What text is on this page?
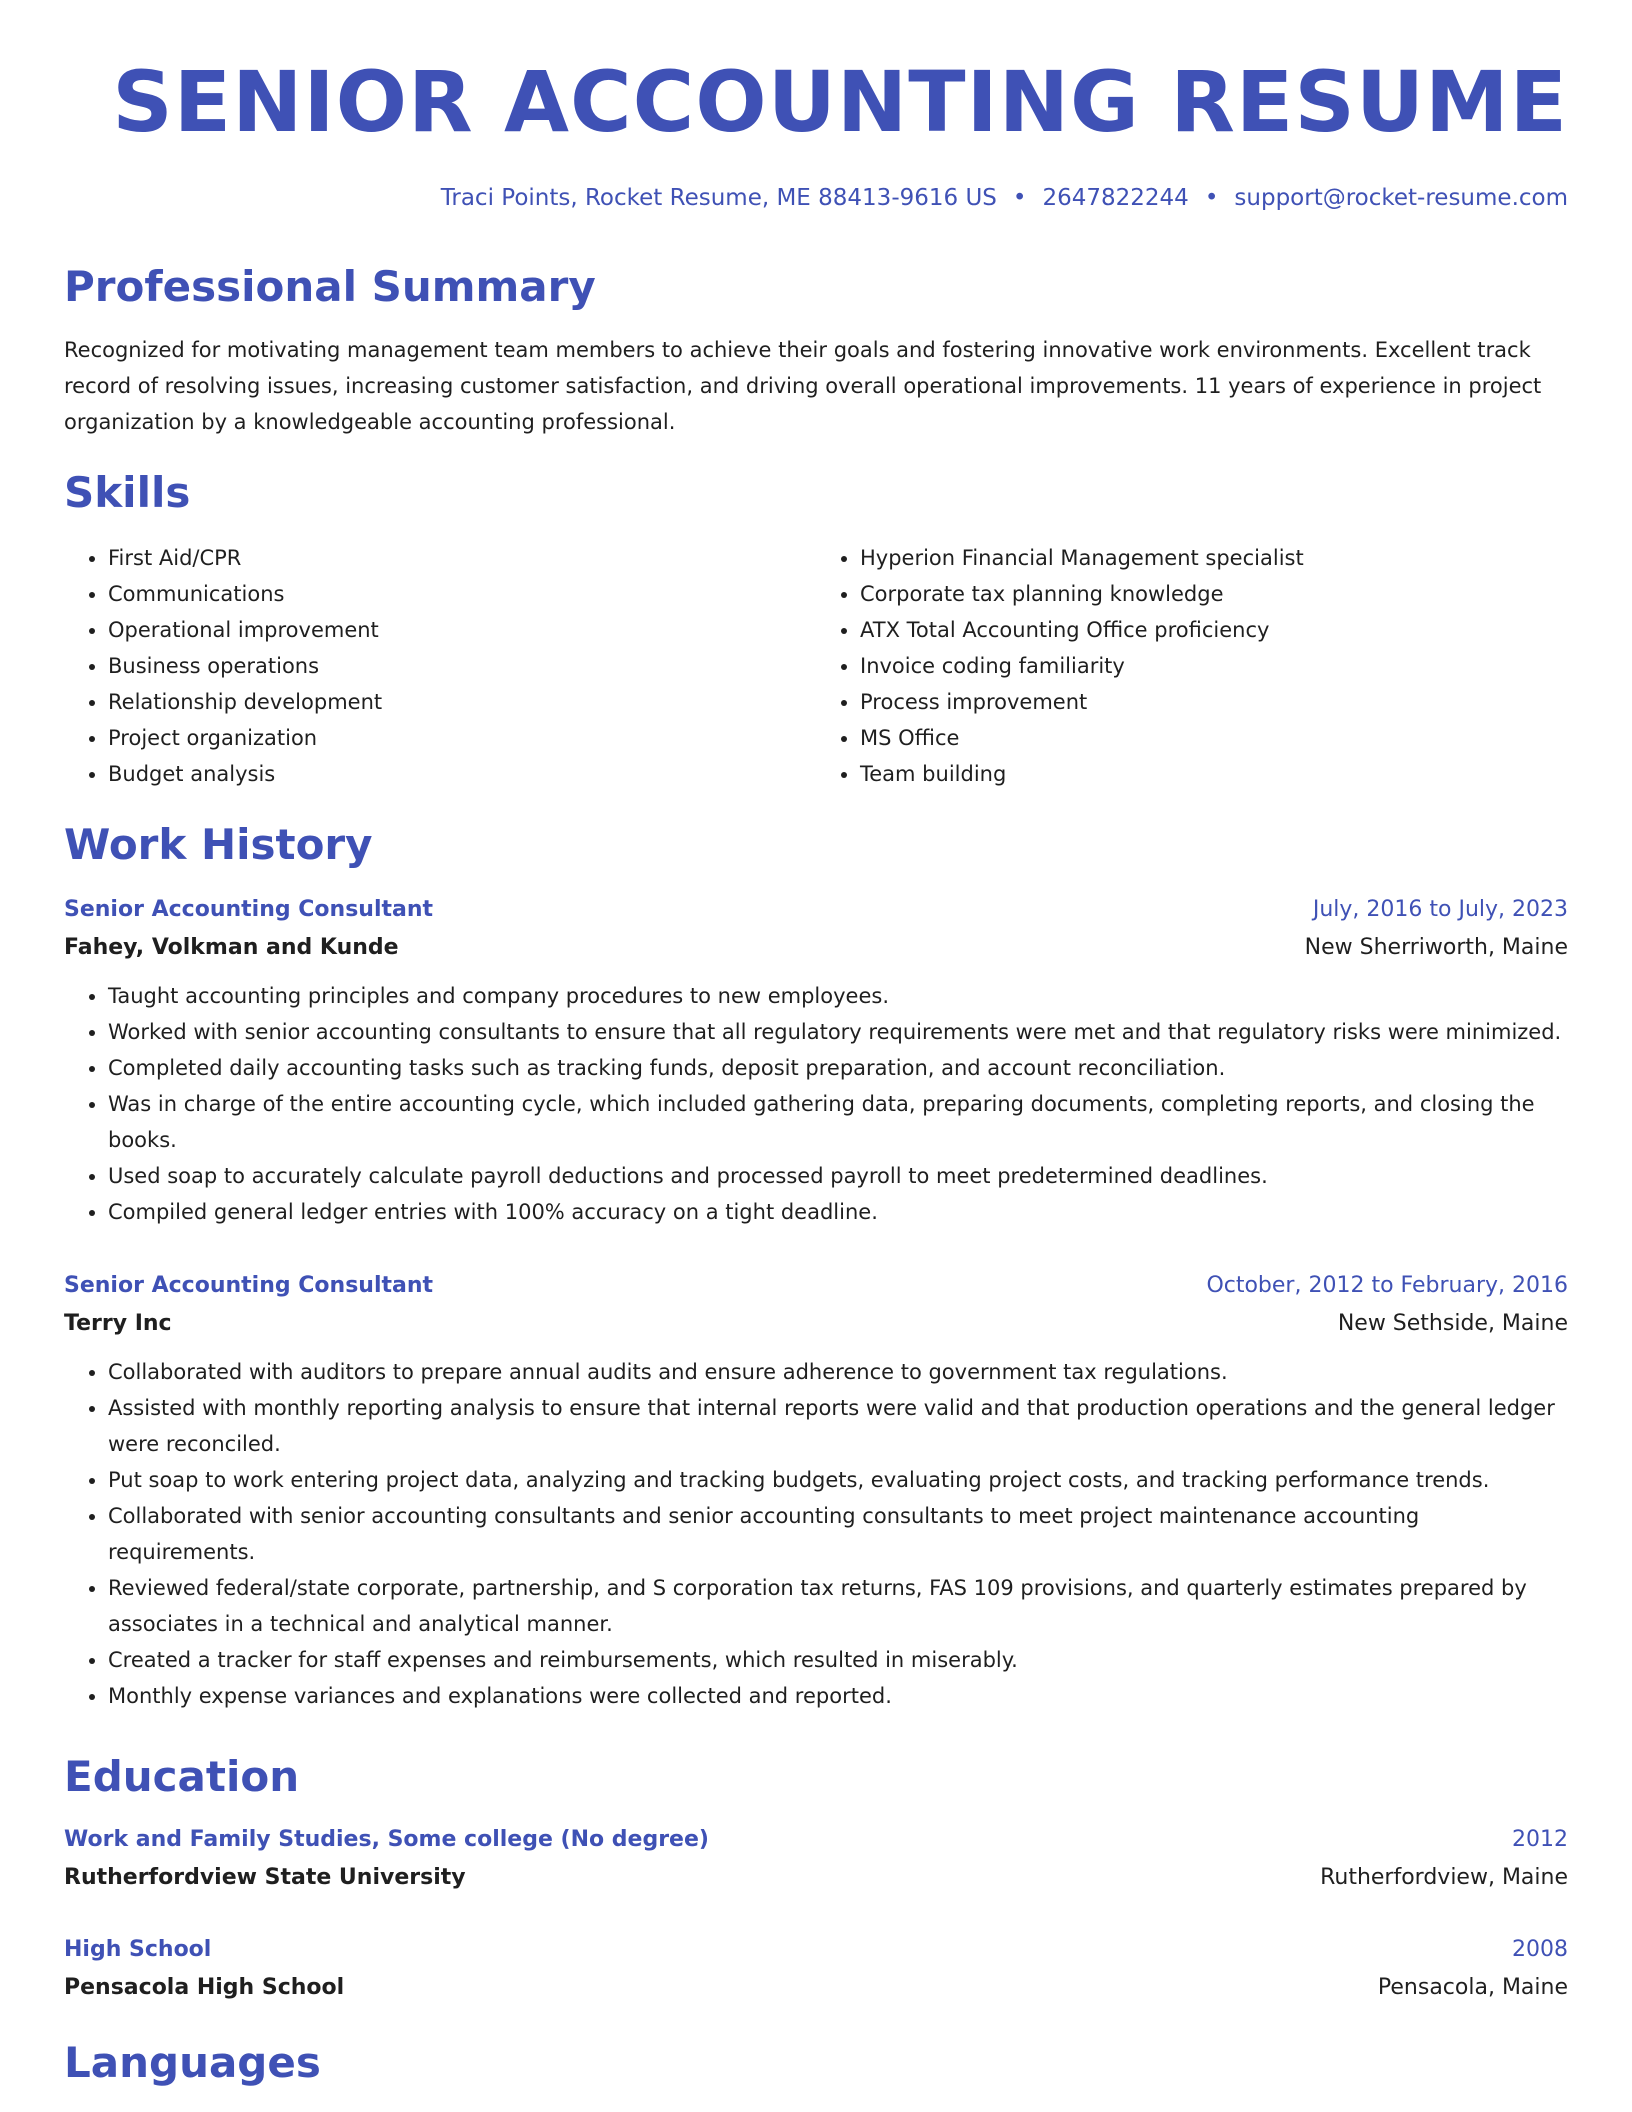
SENIOR ACCOUNTING RESUME
Traci Points, Rocket Resume, ME 88413-9616 US • 2647822244 • support@rocket-resume.com
Professional Summary
Recognized for motivating management team members to achieve their goals and fostering innovative work environments. Excellent track record of resolving issues, increasing customer satisfaction, and driving overall operational improvements. 11 years of experience in project organization by a knowledgeable accounting professional.
Skills
• First Aid/CPR
• Communications
• Operational improvement
• Business operations
• Relationship development
• Project organization
• Budget analysis
• Hyperion Financial Management specialist
• Corporate tax planning knowledge
• ATX Total Accounting Office proficiency
• Invoice coding familiarity
• Process improvement
• MS Office
• Team building
Work History
Senior Accounting Consultant	July, 2016 to July, 2023
Fahey, Volkman and Kunde	New Sherriworth, Maine
• Taught accounting principles and company procedures to new employees.
• Worked with senior accounting consultants to ensure that all regulatory requirements were met and that regulatory risks were minimized.
• Completed daily accounting tasks such as tracking funds, deposit preparation, and account reconciliation.
• Was in charge of the entire accounting cycle, which included gathering data, preparing documents, completing reports, and closing the books.
• Used soap to accurately calculate payroll deductions and processed payroll to meet predetermined deadlines.
• Compiled general ledger entries with 100% accuracy on a tight deadline.
Senior Accounting Consultant	October, 2012 to February, 2016
Terry Inc	New Sethside, Maine
• Collaborated with auditors to prepare annual audits and ensure adherence to government tax regulations.
• Assisted with monthly reporting analysis to ensure that internal reports were valid and that production operations and the general ledger were reconciled.
• Put soap to work entering project data, analyzing and tracking budgets, evaluating project costs, and tracking performance trends.
• Collaborated with senior accounting consultants and senior accounting consultants to meet project maintenance accounting requirements.
• Reviewed federal/state corporate, partnership, and S corporation tax returns, FAS 109 provisions, and quarterly estimates prepared by associates in a technical and analytical manner.
• Created a tracker for staff expenses and reimbursements, which resulted in miserably.
• Monthly expense variances and explanations were collected and reported.
Education
Work and Family Studies, Some college (No degree)	2012
Rutherfordview State University	Rutherfordview, Maine
High School	2008
Pensacola High School	Pensacola, Maine
Languages
